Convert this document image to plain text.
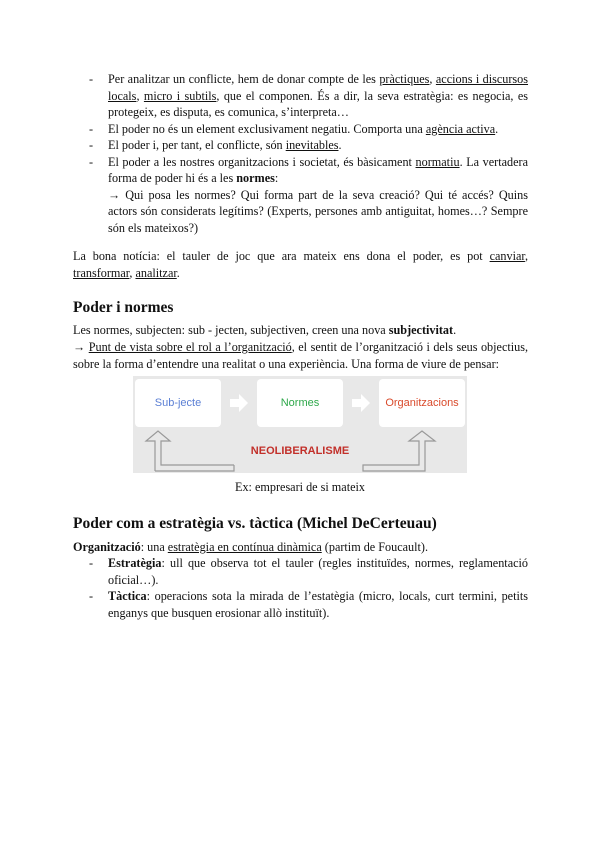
- Per analitzar un conflicte, hem de donar compte de les pràctiques, accions i discursos locals, micro i subtils, que el componen. És a dir, la seva estratègia: es negocia, es protegeix, es disputa, es comunica, s’interpreta…
- El poder no és un element exclusivament negatiu. Comporta una agència activa.
- El poder i, per tant, el conflicte, són inevitables.
- El poder a les nostres organitzacions i societat, és bàsicament normatiu. La vertadera forma de poder hi és a les normes:
→ Qui posa les normes? Qui forma part de la seva creació? Qui té accés? Quins actors són considerats legítims? (Experts, persones amb antiguitat, homes…? Sempre són els mateixos?)
La bona notícia: el tauler de joc que ara mateix ens dona el poder, es pot canviar, transformar, analitzar.
Poder i normes
Les normes, subjecten: sub - jecten, subjectiven, creen una nova subjectivitat.
→ Punt de vista sobre el rol a l’organització, el sentit de l’organització i dels seus objectius, sobre la forma d’entendre una realitat o una experiència. Una forma de viure de pensar:
Sub-jecte	Normes	Organitzacions
NEOLIBERALISME
Ex: empresari de si mateix
Poder com a estratègia vs. tàctica (Michel DeCerteuau)
Organització: una estratègia en contínua dinàmica (partim de Foucault).
- Estratègia: ull que observa tot el tauler (regles instituïdes, normes, reglamentació oficial…).
- Tàctica: operacions sota la mirada de l’estatègia (micro, locals, curt termini, petits enganys que busquen erosionar allò instituït).
